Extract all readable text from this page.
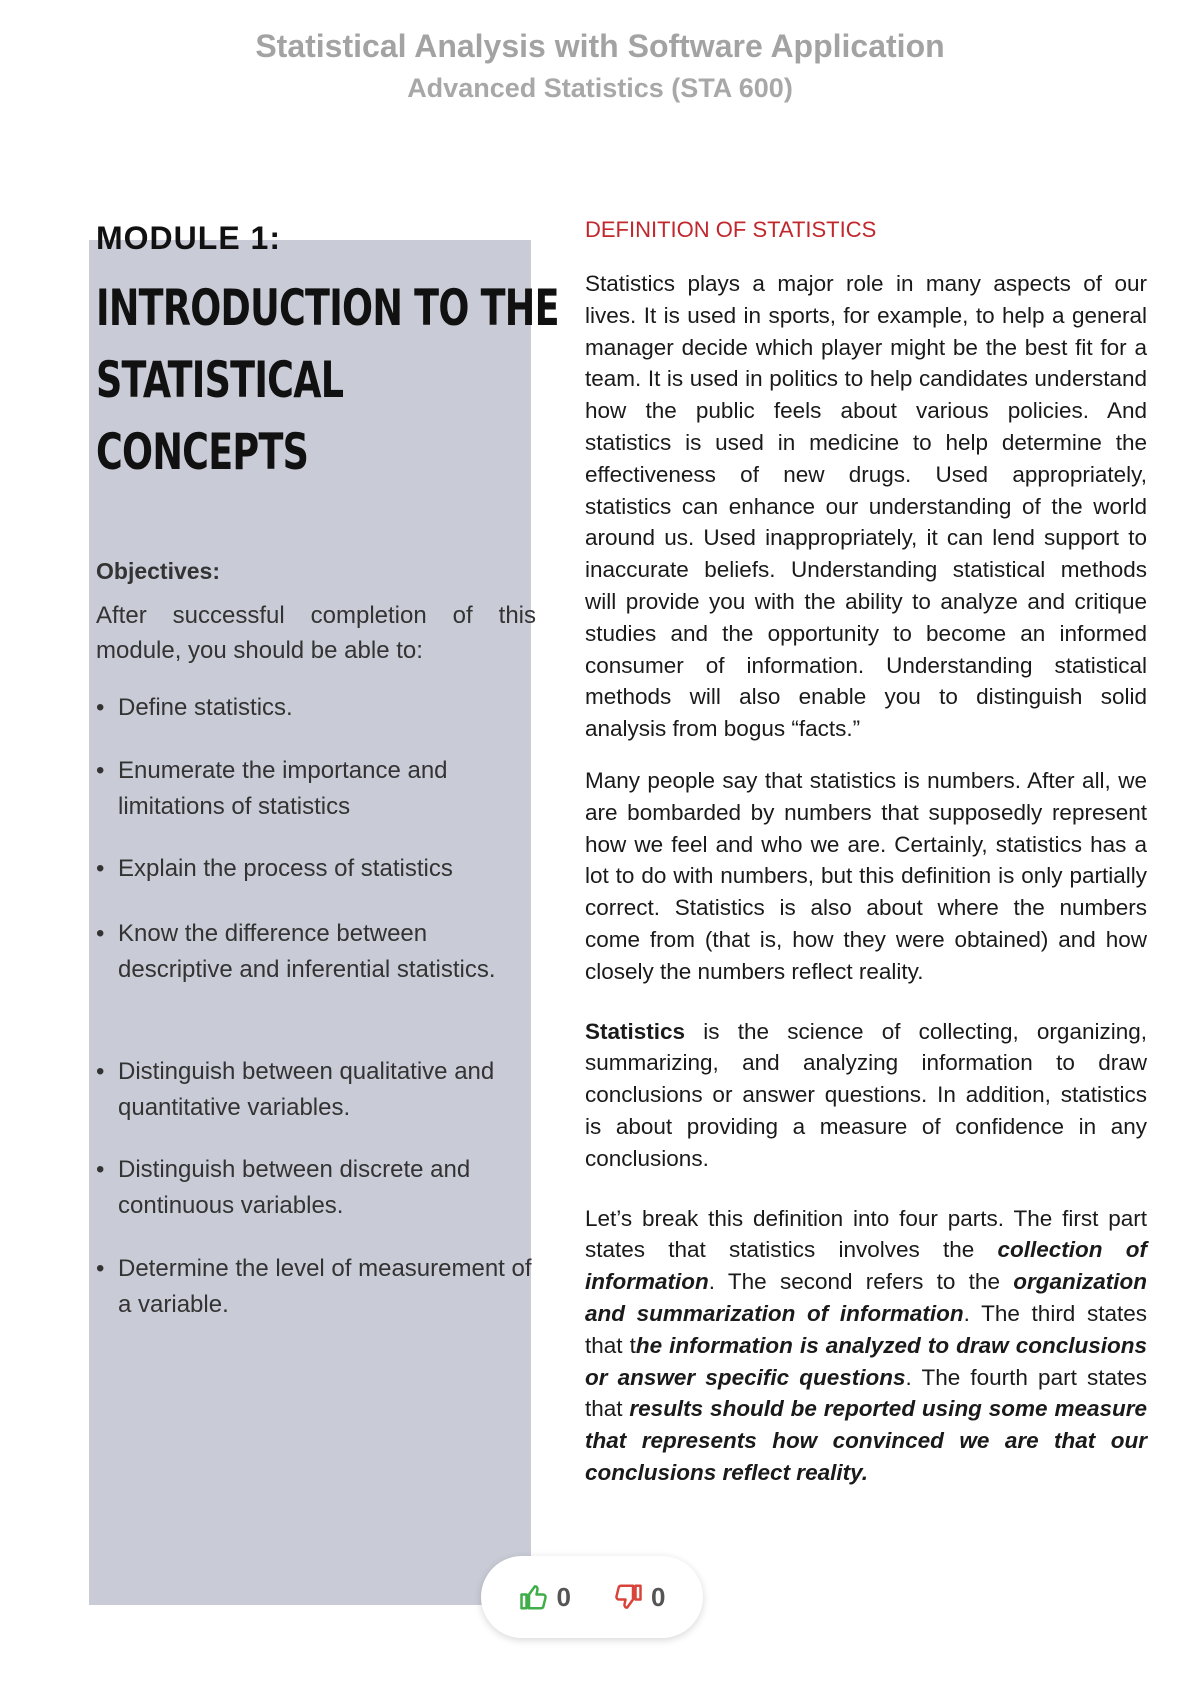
Statistical Analysis with Software Application
Advanced Statistics (STA 600)
MODULE 1:
INTRODUCTION TO THE
STATISTICAL
CONCEPTS
Objectives:

After successful completion of this module, you should be able to:

• Define statistics.
• Enumerate the importance and limitations of statistics
• Explain the process of statistics
• Know the difference between descriptive and inferential statistics.
• Distinguish between qualitative and quantitative variables.
• Distinguish between discrete and continuous variables.
• Determine the level of measurement of a variable.
DEFINITION OF STATISTICS

Statistics plays a major role in many aspects of our lives. It is used in sports, for example, to help a general manager decide which player might be the best fit for a team. It is used in politics to help candidates understand how the public feels about various policies. And statistics is used in medicine to help determine the effectiveness of new drugs. Used appropriately, statistics can enhance our understanding of the world around us. Used inappropriately, it can lend support to inaccurate beliefs. Understanding statistical methods will provide you with the ability to analyze and critique studies and the opportunity to become an informed consumer of information. Understanding statistical methods will also enable you to distinguish solid analysis from bogus “facts.”

Many people say that statistics is numbers. After all, we are bombarded by numbers that supposedly represent how we feel and who we are. Certainly, statistics has a lot to do with numbers, but this definition is only partially correct. Statistics is also about where the numbers come from (that is, how they were obtained) and how closely the numbers reflect reality.

Statistics is the science of collecting, organizing, summarizing, and analyzing information to draw conclusions or answer questions. In addition, statistics is about providing a measure of confidence in any conclusions.

Let’s break this definition into four parts. The first part states that statistics involves the collection of information. The second refers to the organization and summarization of information. The third states that the information is analyzed to draw conclusions or answer specific questions. The fourth part states that results should be reported using some measure that represents how convinced we are that our conclusions reflect reality.

0	0
